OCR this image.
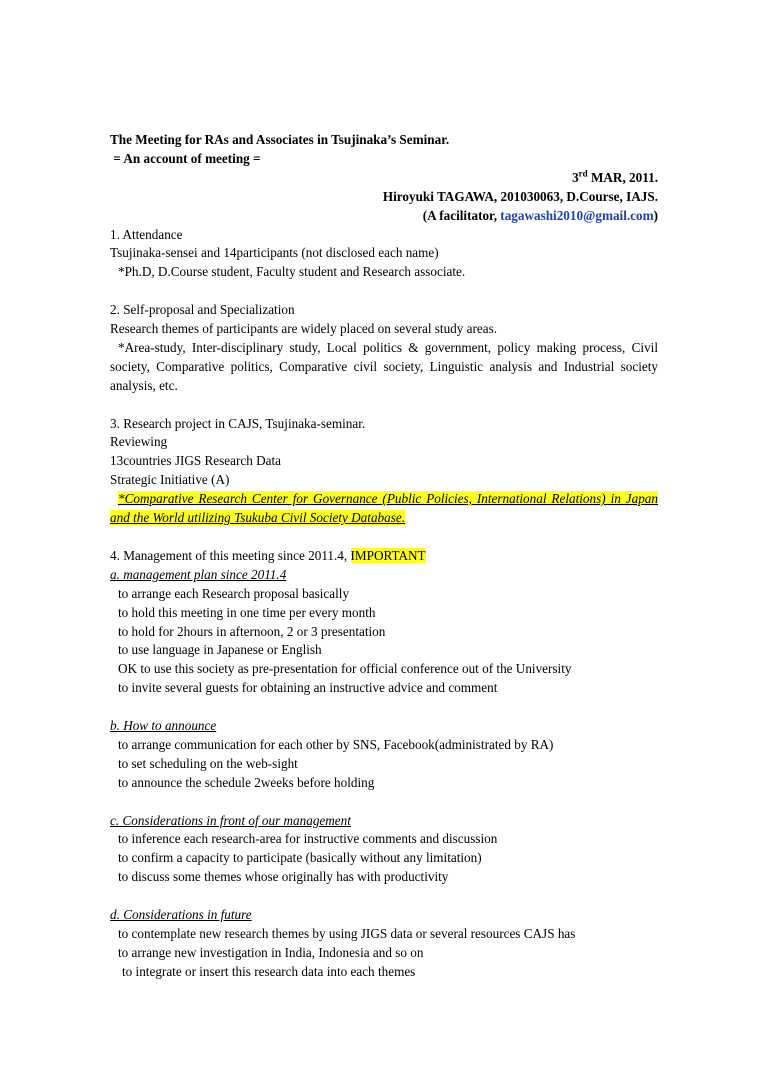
The Meeting for RAs and Associates in Tsujinaka’s Seminar.
= An account of meeting =
3rd MAR, 2011.
Hiroyuki TAGAWA, 201030063, D.Course, IAJS.
(A facilitator, tagawashi2010@gmail.com)
1. Attendance
Tsujinaka-sensei and 14participants (not disclosed each name)
*Ph.D, D.Course student, Faculty student and Research associate.
2. Self-proposal and Specialization
Research themes of participants are widely placed on several study areas.
*Area-study, Inter-disciplinary study, Local politics & government, policy making process, Civil society, Comparative politics, Comparative civil society, Linguistic analysis and Industrial society analysis, etc.
3. Research project in CAJS, Tsujinaka-seminar.
Reviewing
13countries JIGS Research Data
Strategic Initiative (A)
*Comparative Research Center for Governance (Public Policies, International Relations) in Japan and the World utilizing Tsukuba Civil Society Database.
4. Management of this meeting since 2011.4, IMPORTANT
a. management plan since 2011.4
to arrange each Research proposal basically
to hold this meeting in one time per every month
to hold for 2hours in afternoon, 2 or 3 presentation
to use language in Japanese or English
OK to use this society as pre-presentation for official conference out of the University
to invite several guests for obtaining an instructive advice and comment
b. How to announce
to arrange communication for each other by SNS, Facebook(administrated by RA)
to set scheduling on the web-sight
to announce the schedule 2weeks before holding
c. Considerations in front of our management
to inference each research-area for instructive comments and discussion
to confirm a capacity to participate (basically without any limitation)
to discuss some themes whose originally has with productivity
d. Considerations in future
to contemplate new research themes by using JIGS data or several resources CAJS has
to arrange new investigation in India, Indonesia and so on
to integrate or insert this research data into each themes
